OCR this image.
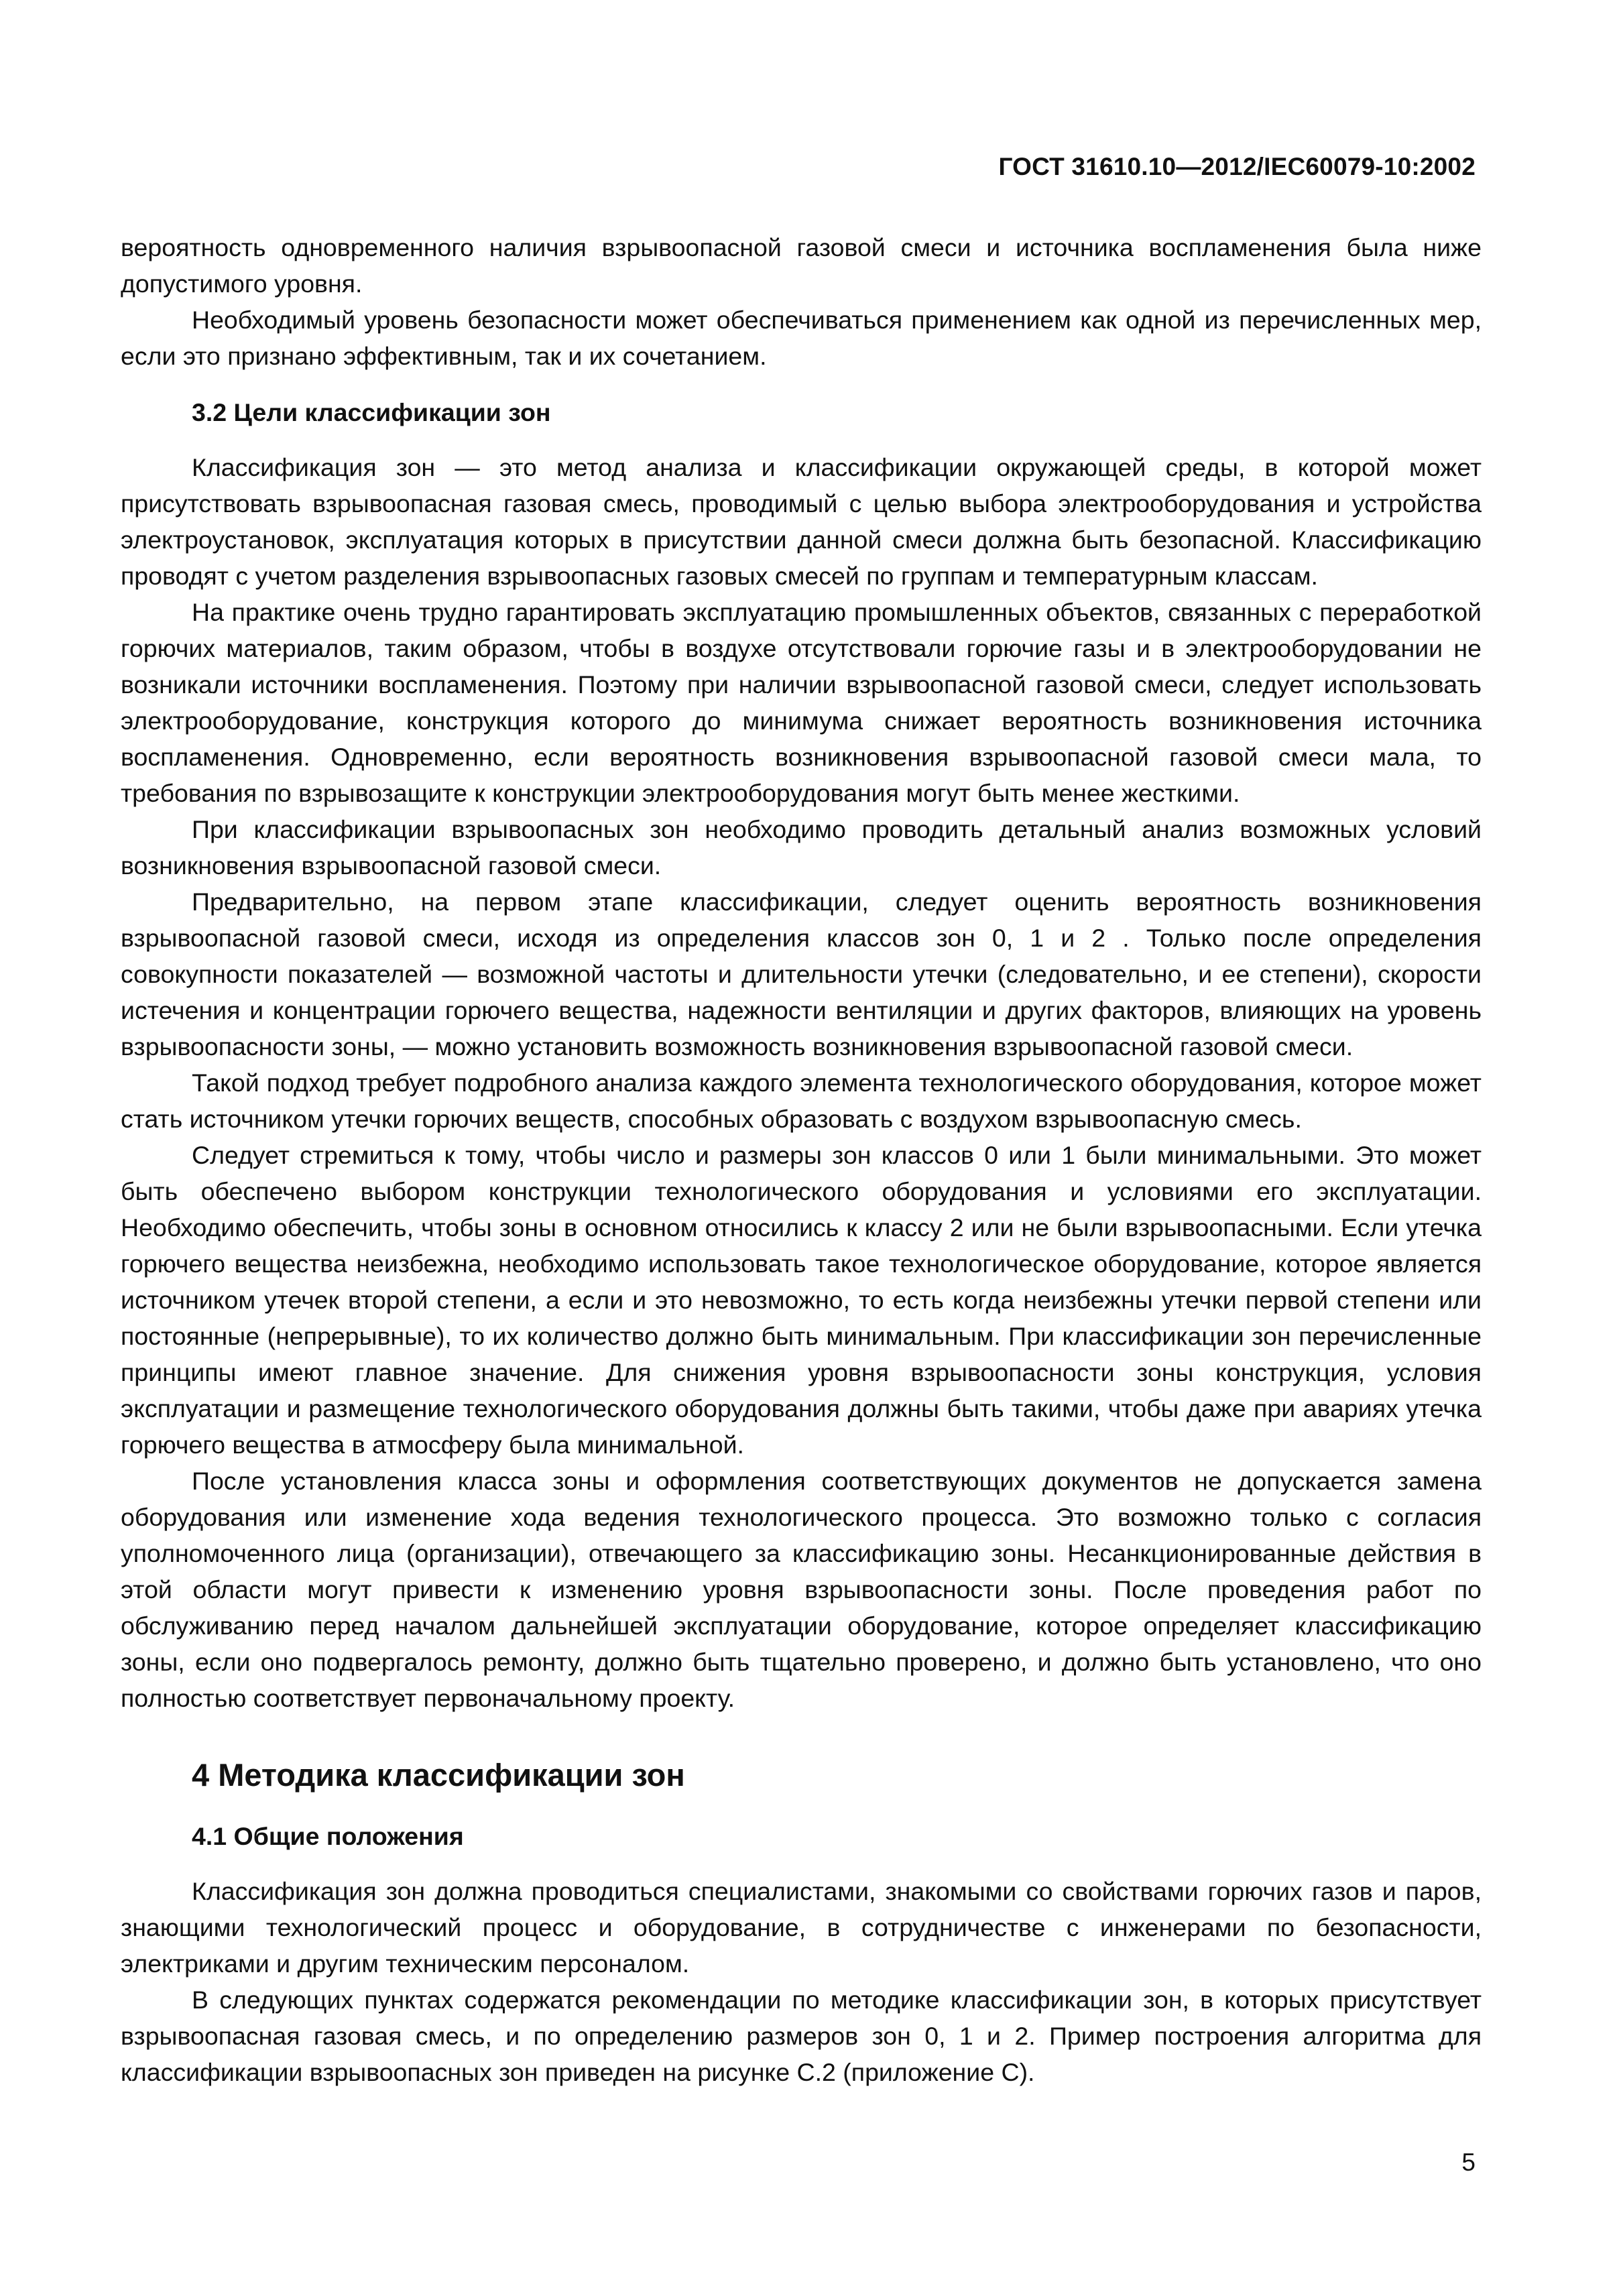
ГОСТ 31610.10—2012/IEC60079-10:2002

вероятность одновременного наличия взрывоопасной газовой смеси и источника воспламенения была ниже допустимого уровня.

Необходимый уровень безопасности может обеспечиваться применением как одной из перечисленных мер, если это признано эффективным, так и их сочетанием.

3.2 Цели классификации зон

Классификация зон — это метод анализа и классификации окружающей среды, в которой может присутствовать взрывоопасная газовая смесь, проводимый с целью выбора электрооборудования и устройства электроустановок, эксплуатация которых в присутствии данной смеси должна быть безопасной. Классификацию проводят с учетом разделения взрывоопасных газовых смесей по группам и температурным классам.

На практике очень трудно гарантировать эксплуатацию промышленных объектов, связанных с переработкой горючих материалов, таким образом, чтобы в воздухе отсутствовали горючие газы и в электрооборудовании не возникали источники воспламенения. Поэтому при наличии взрывоопасной газовой смеси, следует использовать электрооборудование, конструкция которого до минимума снижает вероятность возникновения источника воспламенения. Одновременно, если вероятность возникновения взрывоопасной газовой смеси мала, то требования по взрывозащите к конструкции электрооборудования могут быть менее жесткими.

При классификации взрывоопасных зон необходимо проводить детальный анализ возможных условий возникновения взрывоопасной газовой смеси.

Предварительно, на первом этапе классификации, следует оценить вероятность возникновения взрывоопасной газовой смеси, исходя из определения классов зон 0, 1 и 2 . Только после определения совокупности показателей — возможной частоты и длительности утечки (следовательно, и ее степени), скорости истечения и концентрации горючего вещества, надежности вентиляции и других факторов, влияющих на уровень взрывоопасности зоны, — можно установить возможность возникновения взрывоопасной газовой смеси.

Такой подход требует подробного анализа каждого элемента технологического оборудования, которое может стать источником утечки горючих веществ, способных образовать с воздухом взрывоопасную смесь.

Следует стремиться к тому, чтобы число и размеры зон классов 0 или 1 были минимальными. Это может быть обеспечено выбором конструкции технологического оборудования и условиями его эксплуатации. Необходимо обеспечить, чтобы зоны в основном относились к классу 2 или не были взрывоопасными. Если утечка горючего вещества неизбежна, необходимо использовать такое технологическое оборудование, которое является источником утечек второй степени, а если и это невозможно, то есть когда неизбежны утечки первой степени или постоянные (непрерывные), то их количество должно быть минимальным. При классификации зон перечисленные принципы имеют главное значение. Для снижения уровня взрывоопасности зоны конструкция, условия эксплуатации и размещение технологического оборудования должны быть такими, чтобы даже при авариях утечка горючего вещества в атмосферу была минимальной.

После установления класса зоны и оформления соответствующих документов не допускается замена оборудования или изменение хода ведения технологического процесса. Это возможно только с согласия уполномоченного лица (организации), отвечающего за классификацию зоны. Несанкционированные действия в этой области могут привести к изменению уровня взрывоопасности зоны. После проведения работ по обслуживанию перед началом дальнейшей эксплуатации оборудование, которое определяет классификацию зоны, если оно подвергалось ремонту, должно быть тщательно проверено, и должно быть установлено, что оно полностью соответствует первоначальному проекту.

4 Методика классификации зон
4.1 Общие положения

Классификация зон должна проводиться специалистами, знакомыми со свойствами горючих газов и паров, знающими технологический процесс и оборудование, в сотрудничестве с инженерами по безопасности, электриками и другим техническим персоналом.

В следующих пунктах содержатся рекомендации по методике классификации зон, в которых присутствует взрывоопасная газовая смесь, и по определению размеров зон 0, 1 и 2. Пример построения алгоритма для классификации взрывоопасных зон приведен на рисунке С.2 (приложение С).

5
